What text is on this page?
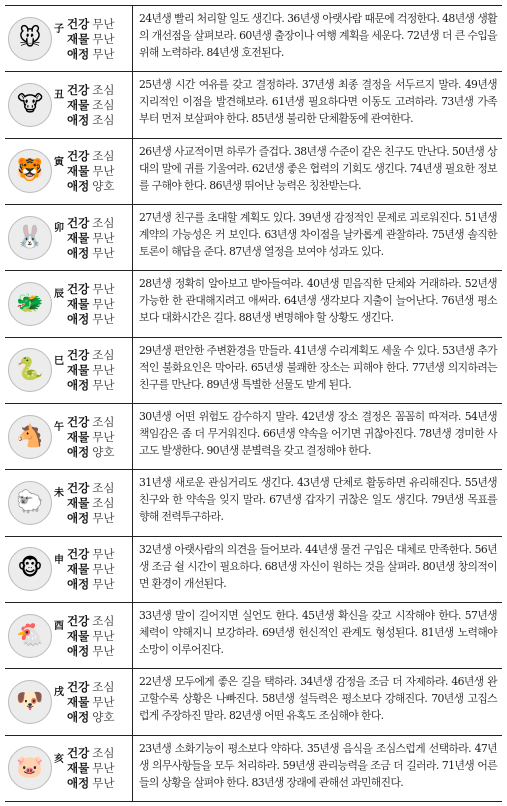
🐭	子 건강 무난
재물 무난
애정 무난
24년생 빨리 처리할 일도 생긴다. 36년생 아랫사람 때문에 걱정한다. 48년생 생활의 개선점을 살펴보라. 60년생 출장이나 여행 계획을 세운다. 72년생 더 큰 수입을 위해 노력하라. 84년생 호전된다.
🐮	丑 건강 조심
재물 조심
애정 조심
25년생 시간 여유를 갖고 결정하라. 37년생 최종 결정을 서두르지 말라. 49년생 지리적인 이점을 발견해보라. 61년생 필요하다면 이동도 고려하라. 73년생 가족부터 먼저 보살펴야 한다. 85년생 불리한 단체활동에 관여한다.
🐯	寅 건강 조심
재물 무난
애정 양호
26년생 사교적이면 하루가 즐겁다. 38년생 수준이 같은 친구도 만난다. 50년생 상대의 말에 귀를 기울여라. 62년생 좋은 협력의 기회도 생긴다. 74년생 필요한 정보를 구해야 한다. 86년생 뛰어난 능력은 칭찬받는다.
🐰	卯 건강 조심
재물 무난
애정 무난
27년생 친구를 초대할 계획도 있다. 39년생 감정적인 문제로 괴로워진다. 51년생 계약의 가능성은 커 보인다. 63년생 차이점을 날카롭게 관찰하라. 75년생 솔직한 토론이 해답을 준다. 87년생 열정을 보여야 성과도 있다.
🐲	辰 건강 무난
재물 무난
애정 무난
28년생 정확히 알아보고 받아들여라. 40년생 믿음직한 단체와 거래하라. 52년생 가능한 한 관대해지려고 애써라. 64년생 생각보다 지출이 늘어난다. 76년생 평소보다 대화시간은 길다. 88년생 변명해야 할 상황도 생긴다.
🐍	巳 건강 조심
재물 무난
애정 무난
29년생 편안한 주변환경을 만들라. 41년생 수리계획도 세울 수 있다. 53년생 추가적인 불화요인은 막아라. 65년생 불쾌한 장소는 피해야 한다. 77년생 의지하려는 친구를 만난다. 89년생 특별한 선물도 받게 된다.
🐴	午 건강 조심
재물 무난
애정 양호
30년생 어떤 위험도 감수하지 말라. 42년생 장소 결정은 꼼꼼히 따져라. 54년생 책임감은 좀 더 무거워진다. 66년생 약속을 어기면 귀찮아진다. 78년생 경미한 사고도 발생한다. 90년생 분별력을 갖고 결정해야 한다.
🐑	未 건강 조심
재물 조심
애정 무난
31년생 새로운 관심거리도 생긴다. 43년생 단체로 활동하면 유리해진다. 55년생 친구와 한 약속을 잊지 말라. 67년생 갑자기 귀찮은 일도 생긴다. 79년생 목표를 향해 전력투구하라.
🐵	申 건강 무난
재물 무난
애정 무난
32년생 아랫사람의 의견을 들어보라. 44년생 물건 구입은 대체로 만족한다. 56년생 조금 쉴 시간이 필요하다. 68년생 자신이 원하는 것을 살펴라. 80년생 창의적이면 환경이 개선된다.
🐔	酉 건강 조심
재물 무난
애정 무난
33년생 말이 길어지면 실언도 한다. 45년생 확신을 갖고 시작해야 한다. 57년생 체력이 약해지니 보강하라. 69년생 헌신적인 관계도 형성된다. 81년생 노력해야 소망이 이루어진다.
🐶	戌 건강 조심
재물 무난
애정 양호
22년생 모두에게 좋은 길을 택하라. 34년생 감정을 조금 더 자제하라. 46년생 완고할수록 상황은 나빠진다. 58년생 설득력은 평소보다 강해진다. 70년생 고집스럽게 주장하진 말라. 82년생 어떤 유혹도 조심해야 한다.
🐷	亥 건강 조심
재물 무난
애정 무난
23년생 소화기능이 평소보다 약하다. 35년생 음식을 조심스럽게 선택하라. 47년생 의무사항들을 모두 처리하라. 59년생 관리능력을 조금 더 길러라. 71년생 어른들의 상황을 살펴야 한다. 83년생 장래에 관해선 과민해진다.
